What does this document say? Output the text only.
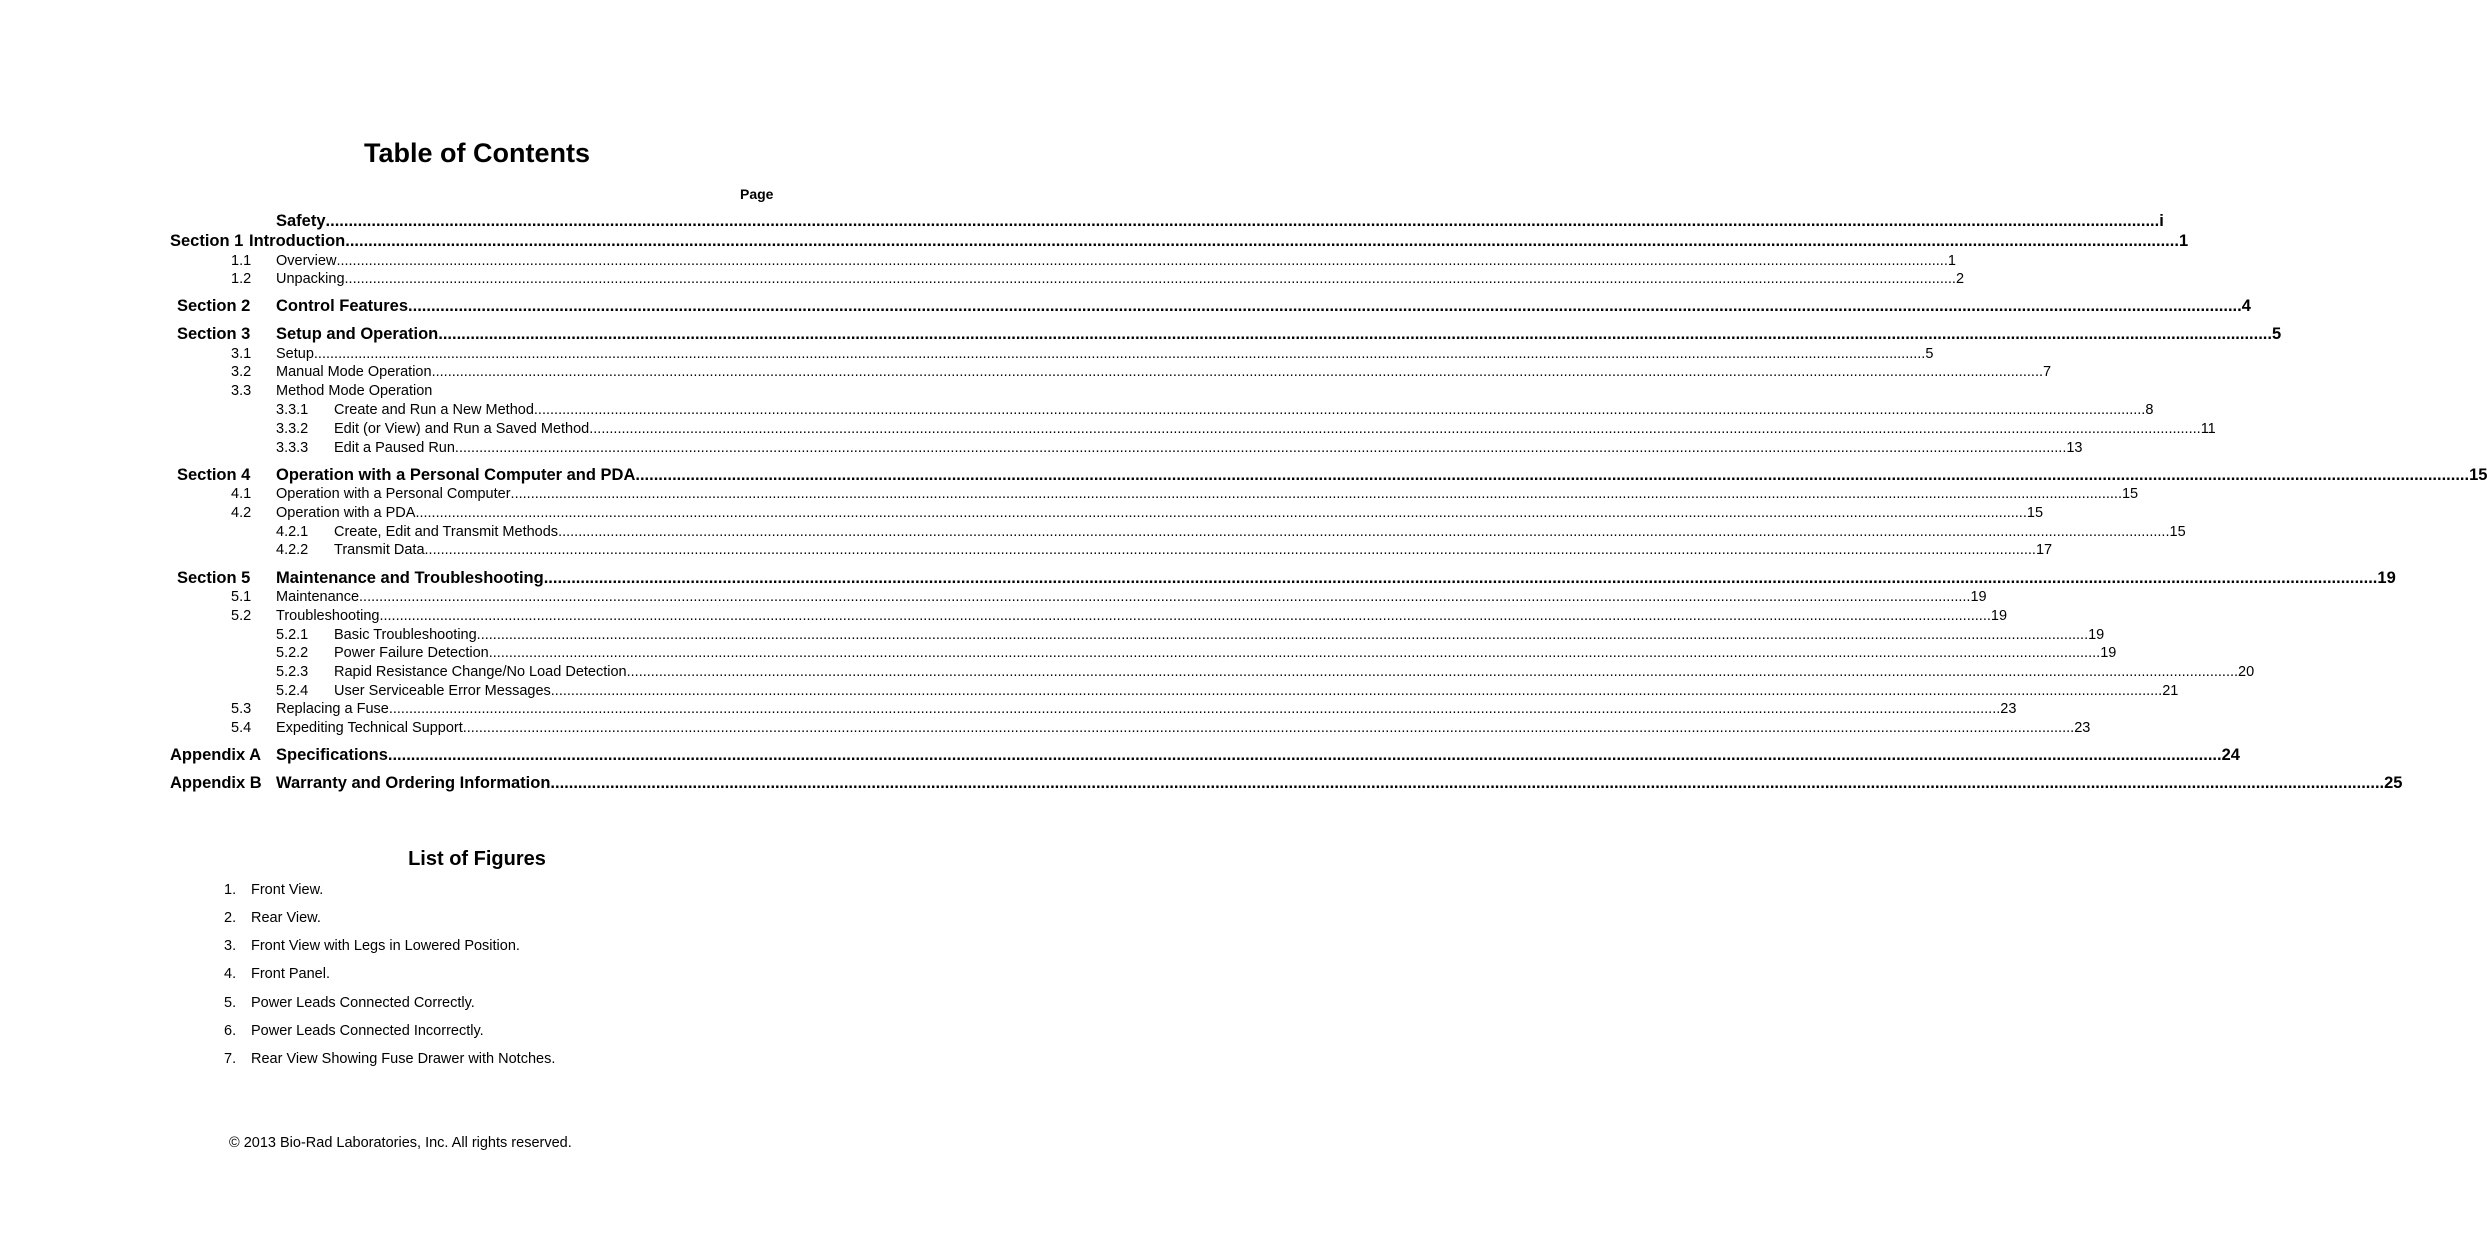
Table of Contents
Page
Safety ................................................................................................................................................................................................................................................................................................................................................................................................................ i
Section 1 Introduction ................................................................................................................................................................................................................................................................................................................................................................................................................ 1
1.1 Overview ................................................................................................................................................................................................................................................................................................................................................................................................................ 1
1.2 Unpacking ................................................................................................................................................................................................................................................................................................................................................................................................................ 2
Section 2 Control Features ................................................................................................................................................................................................................................................................................................................................................................................................................ 4
Section 3 Setup and Operation ................................................................................................................................................................................................................................................................................................................................................................................................................ 5
3.1 Setup ................................................................................................................................................................................................................................................................................................................................................................................................................ 5
3.2 Manual Mode Operation ................................................................................................................................................................................................................................................................................................................................................................................................................ 7
3.3 Method Mode Operation
3.3.1 Create and Run a New Method ................................................................................................................................................................................................................................................................................................................................................................................................................ 8
3.3.2 Edit (or View) and Run a Saved Method ................................................................................................................................................................................................................................................................................................................................................................................................................ 11
3.3.3 Edit a Paused Run ................................................................................................................................................................................................................................................................................................................................................................................................................ 13
Section 4 Operation with a Personal Computer and PDA ................................................................................................................................................................................................................................................................................................................................................................................................................ 15
4.1 Operation with a Personal Computer ................................................................................................................................................................................................................................................................................................................................................................................................................ 15
4.2 Operation with a PDA ................................................................................................................................................................................................................................................................................................................................................................................................................ 15
4.2.1 Create, Edit and Transmit Methods ................................................................................................................................................................................................................................................................................................................................................................................................................ 15
4.2.2 Transmit Data ................................................................................................................................................................................................................................................................................................................................................................................................................ 17
Section 5 Maintenance and Troubleshooting ................................................................................................................................................................................................................................................................................................................................................................................................................ 19
5.1 Maintenance ................................................................................................................................................................................................................................................................................................................................................................................................................ 19
5.2 Troubleshooting ................................................................................................................................................................................................................................................................................................................................................................................................................ 19
5.2.1 Basic Troubleshooting ................................................................................................................................................................................................................................................................................................................................................................................................................ 19
5.2.2 Power Failure Detection ................................................................................................................................................................................................................................................................................................................................................................................................................ 19
5.2.3 Rapid Resistance Change/No Load Detection ................................................................................................................................................................................................................................................................................................................................................................................................................ 20
5.2.4 User Serviceable Error Messages ................................................................................................................................................................................................................................................................................................................................................................................................................ 21
5.3 Replacing a Fuse ................................................................................................................................................................................................................................................................................................................................................................................................................ 23
5.4 Expediting Technical Support ................................................................................................................................................................................................................................................................................................................................................................................................................ 23
Appendix A Specifications ................................................................................................................................................................................................................................................................................................................................................................................................................ 24
Appendix B Warranty and Ordering Information ................................................................................................................................................................................................................................................................................................................................................................................................................ 25
List of Figures
1. Front View.
2. Rear View.
3. Front View with Legs in Lowered Position.
4. Front Panel.
5. Power Leads Connected Correctly.
6. Power Leads Connected Incorrectly.
7. Rear View Showing Fuse Drawer with Notches.
© 2013 Bio-Rad Laboratories, Inc. All rights reserved.
